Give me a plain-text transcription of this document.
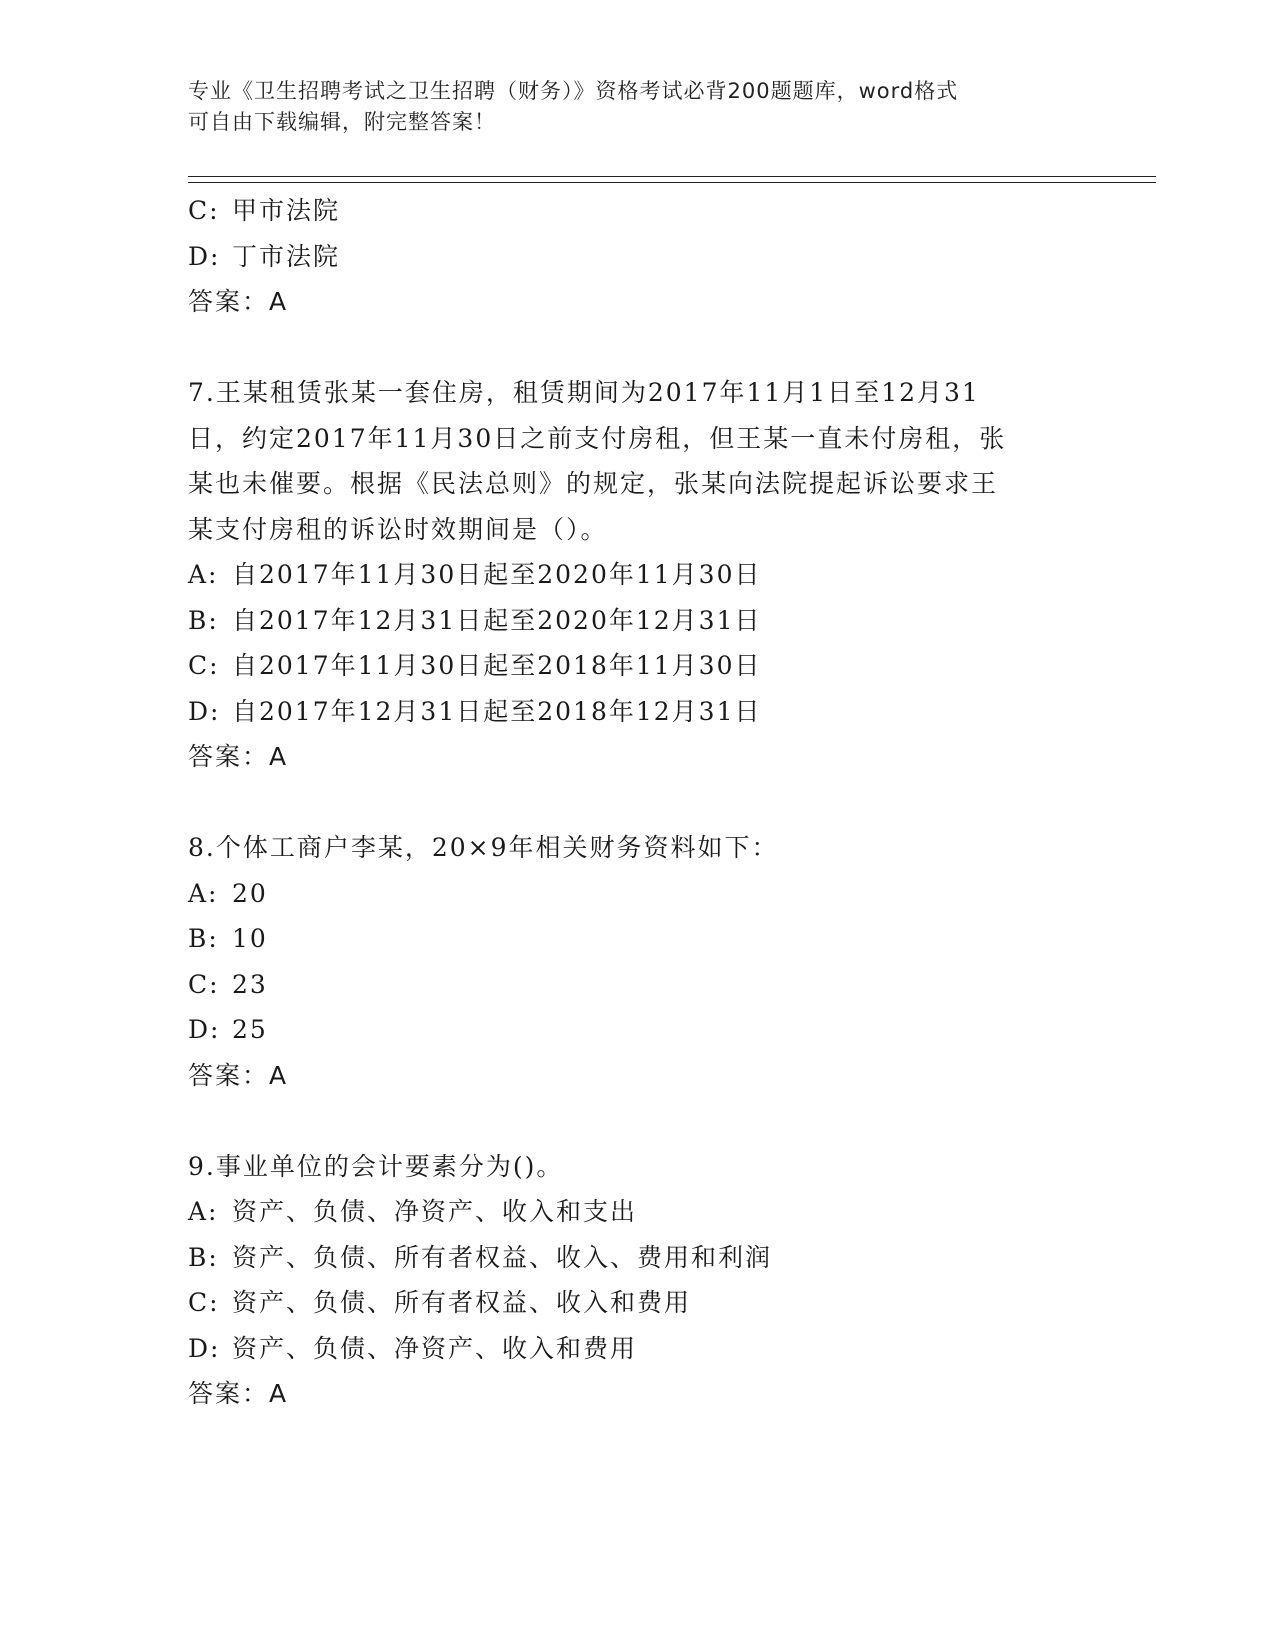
专业《卫生招聘考试之卫生招聘（财务）》资格考试必背200题题库，word格式
可自由下载编辑，附完整答案！
C: 甲市法院
D: 丁市法院
答案：A
7.王某租赁张某一套住房，租赁期间为2017年11月1日至12月31
日，约定2017年11月30日之前支付房租，但王某一直未付房租，张
某也未催要。根据《民法总则》的规定，张某向法院提起诉讼要求王
某支付房租的诉讼时效期间是（）。
A: 自2017年11月30日起至2020年11月30日
B: 自2017年12月31日起至2020年12月31日
C: 自2017年11月30日起至2018年11月30日
D: 自2017年12月31日起至2018年12月31日
答案：A
8.个体工商户李某，20×9年相关财务资料如下：
A: 20
B: 10
C: 23
D: 25
答案：A
9.事业单位的会计要素分为()。
A: 资产、负债、净资产、收入和支出
B: 资产、负债、所有者权益、收入、费用和利润
C: 资产、负债、所有者权益、收入和费用
D: 资产、负债、净资产、收入和费用
答案：A
